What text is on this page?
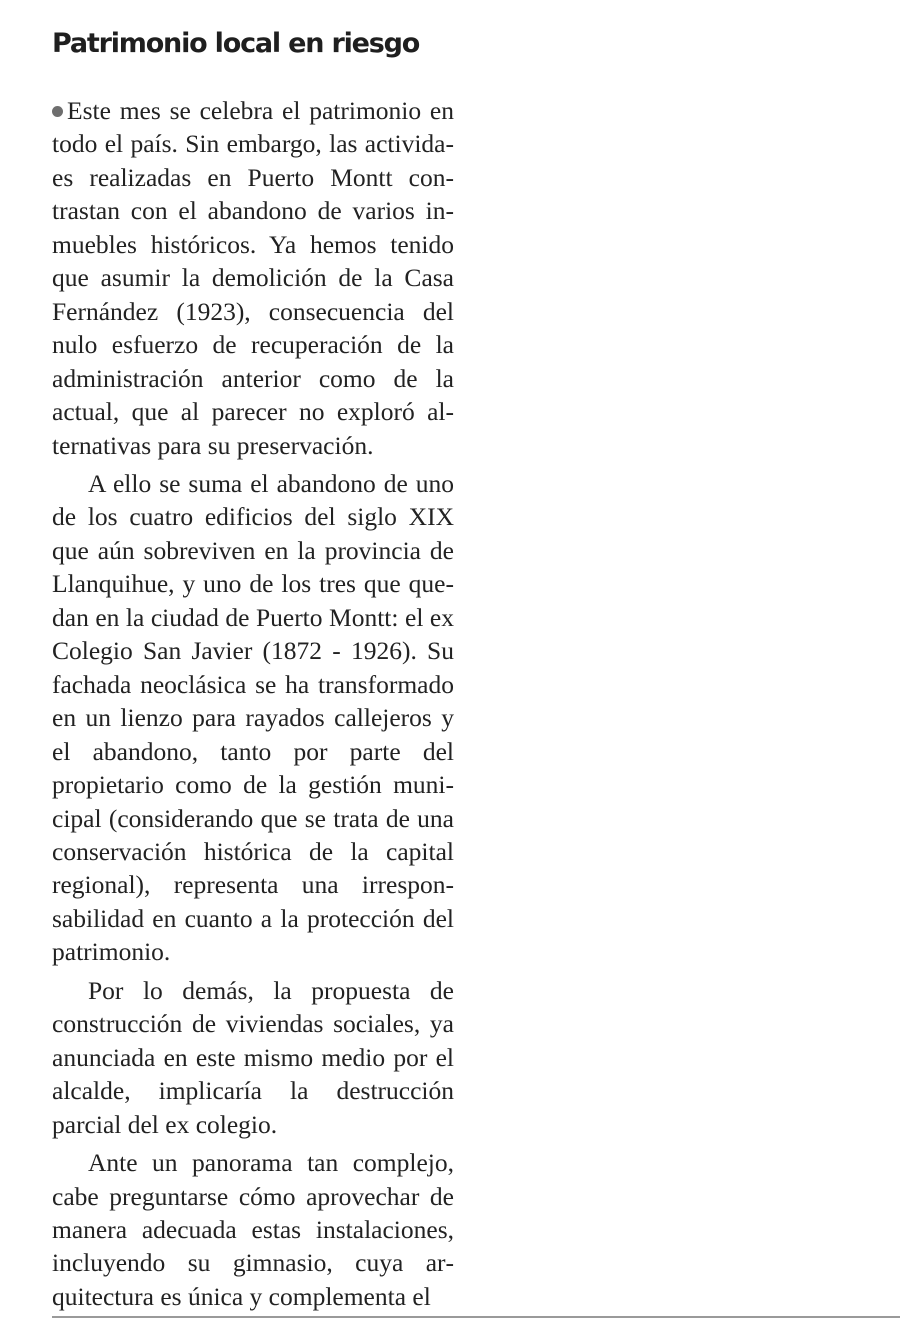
Patrimonio local en riesgo

Este mes se celebra el patrimonio en todo el país. Sin embargo, las actividaes realizadas en Puerto Montt contrastan con el abandono de varios inmuebles históricos. Ya hemos tenido que asumir la demolición de la Casa Fernández (1923), consecuencia del nulo esfuerzo de recuperación de la administración anterior como de la actual, que al parecer no exploró alternativas para su preservación.

A ello se suma el abandono de uno de los cuatro edificios del siglo XIX que aún sobreviven en la provincia de Llanquihue, y uno de los tres que quedan en la ciudad de Puerto Montt: el ex Colegio San Javier (1872 - 1926). Su fachada neoclásica se ha transformado en un lienzo para rayados callejeros y el abandono, tanto por parte del propietario como de la gestión municipal (considerando que se trata de una conservación histórica de la capital regional), representa una irresponsabilidad en cuanto a la protección del patrimonio.

Por lo demás, la propuesta de construcción de viviendas sociales, ya anunciada en este mismo medio por el alcalde, implicaría la destrucción parcial del ex colegio.

Ante un panorama tan complejo, cabe preguntarse cómo aprovechar de manera adecuada estas instalaciones, incluyendo su gimnasio, cuya arquitectura es única y complementa el
